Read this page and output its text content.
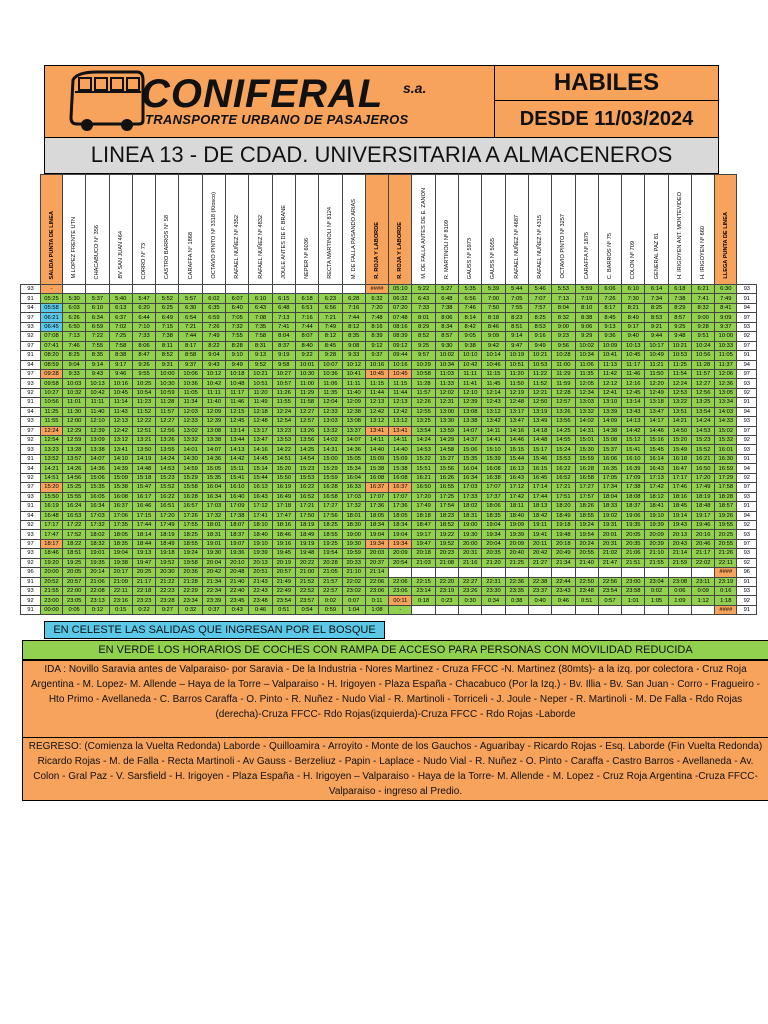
CONIFERAL s.a.
TRANSPORTE URBANO DE PASAJEROS
HABILES
DESDE 11/03/2024
LINEA 13 - DE CDAD. UNIVERSITARIA A ALMACENEROS
	SALIDA PUNTA DE LINEA	M.LOPEZ FRENTE UTN	CHACABUCO N° 356	BV SAN JUAN 464	CORRO N° 73	CASTRO BARROS N° 58	CARAFFA N° 1868	OCTAVIO PINTO Nº 3318 (Kiosco)	RAFAEL NUÑEZ Nº 4352	RAFAEL NUÑEZ Nº 4832	JOULE ANTES DE F. BRANE	NEPER Nº 6036	RECTA MARTINOLI Nº 8124	M. DE FALLA PASANDO ARIAS	R. ROJA Y LABORDE	R. ROJA Y LABORDE	M. DE FALLA ANTES DE E. ZANON	R. MARTINOLI Nº 8109	GAUSS Nº 5973	GAUSS Nº 5055	RAFAEL NUÑEZ Nº 4687	RAFAEL NUÑEZ Nº 4315	OCTAVIO PINTO Nº 3257	CARAFFA Nº 1875	C. BARROS Nº 75	COLON Nº 709	GENERAL PAZ 81	H. IRIGOYEN ANT. MONTEVIDEO	H. IRIGOYEN Nº 660	LLEGA PUNTA DE LINEA	
93	-														####	05:10	5:22	5:27	5:35	5:39	5:44	5:46	5:53	5:59	6:06	6:10	6:14	6:18	6:21	6:30	93
91	05:25	5:30	5:37	5:40	5:47	5:52	5:57	6:02	6:07	6:10	6:15	6:18	6:23	6:28	6:32	06:32	6:43	6:48	6:56	7:00	7:05	7:07	7:13	7:19	7:26	7:30	7:34	7:38	7:41	7:49	91
94	05:58	6:03	6:10	6:13	6:20	6:25	6:30	6:35	6:40	6:43	6:48	6:51	6:56	7:16	7:20	07:20	7:33	7:38	7:46	7:50	7:55	7:57	8:04	8:10	8:17	8:21	8:25	8:29	8:32	8:41	94
97	06:21	6:26	6:34	6:37	6:44	6:49	6:54	6:59	7:05	7:08	7:13	7:16	7:21	7:44	7:48	07:48	8:01	8:06	8:14	8:18	8:23	8:25	8:32	8:38	8:45	8:49	8:53	8:57	9:00	9:09	97
93	06:45	6:50	6:59	7:02	7:10	7:15	7:21	7:26	7:32	7:35	7:41	7:44	7:49	8:12	8:16	08:16	8:29	8:34	8:42	8:46	8:51	8:53	9:00	9:06	9:13	9:17	9:21	9:25	9:28	9:37	93
92	07:08	7:13	7:22	7:25	7:33	7:38	7:44	7:49	7:55	7:58	8:04	8:07	8:12	8:35	8:39	08:39	8:52	8:57	9:05	9:09	9:14	9:16	9:23	9:29	9:36	9:40	9:44	9:48	9:51	10:00	92
97	07:41	7:46	7:55	7:58	8:06	8:11	8:17	8:22	8:28	8:31	8:37	8:40	8:45	9:08	9:12	09:12	9:25	9:30	9:38	9:42	9:47	9:49	9:56	10:02	10:09	10:13	10:17	10:21	10:24	10:33	97
91	08:20	8:25	8:35	8:38	8:47	8:52	8:58	9:04	9:10	9:13	9:19	9:22	9:28	9:33	9:37	09:44	9:57	10:02	10:10	10:14	10:19	10:21	10:28	10:34	10:41	10:45	10:49	10:53	10:56	11:05	91
94	08:59	9:04	9:14	9:17	9:26	9:31	9:37	9:43	9:49	9:52	9:58	10:01	10:07	10:12	10:16	10:16	10:29	10:34	10:42	10:46	10:51	10:53	11:00	11:06	11:13	11:17	11:21	11:25	11:28	11:37	94
97	09:28	9:33	9:43	9:46	9:55	10:00	10:06	10:12	10:18	10:21	10:27	10:30	10:36	10:41	10:45	10:45	10:58	11:03	11:11	11:15	11:20	11:22	11:29	11:35	11:42	11:46	11:50	11:54	11:57	12:06	97
93	09:58	10:03	10:13	10:16	10:25	10:30	10:36	10:42	10:48	10:51	10:57	11:00	11:06	11:11	11:15	11:15	11:28	11:33	11:41	11:45	11:50	11:52	11:59	12:05	12:12	12:16	12:20	12:24	12:27	12:36	93
92	10:27	10:32	10:42	10:45	10:54	10:59	11:05	11:11	11:17	11:20	11:26	11:29	11:35	11:40	11:44	11:44	11:57	12:02	12:10	12:14	12:19	12:21	12:28	12:34	12:41	12:45	12:49	12:53	12:56	13:05	92
91	10:56	11:01	11:11	11:14	11:23	11:28	11:34	11:40	11:46	11:49	11:55	11:58	12:04	12:09	12:13	12:13	12:26	12:31	12:39	12:43	12:48	12:50	12:57	13:03	13:10	13:14	13:18	13:22	13:25	13:34	91
94	11:25	11:30	11:40	11:43	11:52	11:57	12:03	12:09	12:15	12:18	12:24	12:27	12:33	12:38	12:42	12:42	12:55	13:00	13:08	13:12	13:17	13:19	13:26	13:32	13:39	13:43	13:47	13:51	13:54	14:03	94
93	11:55	12:00	12:10	12:13	12:22	12:27	12:33	12:39	12:45	12:48	12:54	12:57	13:03	13:08	13:12	13:12	13:25	13:30	13:38	13:42	13:47	13:49	13:56	14:02	14:09	14:13	14:17	14:21	14:24	14:33	93
97	12:24	12:29	12:39	12:42	12:51	12:56	13:02	13:08	13:14	13:17	13:23	13:26	13:32	13:37	13:41	13:41	13:54	13:59	14:07	14:11	14:16	14:18	14:25	14:31	14:38	14:42	14:46	14:50	14:53	15:02	97
92	12:54	12:59	13:09	13:12	13:21	13:26	13:32	13:38	13:44	13:47	13:53	13:56	14:02	14:07	14:11	14:11	14:24	14:29	14:37	14:41	14:46	14:48	14:55	15:01	15:08	15:12	15:16	15:20	15:23	15:32	92
93	13:23	13:28	13:38	13:41	13:50	13:55	14:01	14:07	14:13	14:16	14:22	14:25	14:31	14:36	14:40	14:40	14:53	14:58	15:06	15:10	15:15	15:17	15:24	15:30	15:37	15:41	15:45	15:49	15:52	16:01	93
91	13:52	13:57	14:07	14:10	14:19	14:24	14:30	14:36	14:42	14:45	14:51	14:54	15:00	15:05	15:09	15:09	15:22	15:27	15:35	15:39	15:44	15:46	15:53	15:59	16:06	16:10	16:14	16:18	16:21	16:30	91
94	14:21	14:26	14:36	14:39	14:48	14:53	14:59	15:05	15:11	15:14	15:20	15:23	15:29	15:34	15:38	15:38	15:51	15:56	16:04	16:08	16:13	16:15	16:22	16:28	16:35	16:39	16:43	16:47	16:50	16:59	94
92	14:51	14:56	15:06	15:09	15:18	15:23	15:29	15:35	15:41	15:44	15:50	15:53	15:59	16:04	16:08	16:08	16:21	16:26	16:34	16:38	16:43	16:45	16:52	16:58	17:05	17:09	17:13	17:17	17:20	17:29	92
97	15:20	15:25	15:35	15:38	15:47	15:52	15:58	16:04	16:10	16:13	16:19	16:22	16:28	16:33	16:37	16:37	16:50	16:55	17:03	17:07	17:12	17:14	17:21	17:27	17:34	17:38	17:42	17:46	17:49	17:58	97
93	15:50	15:55	16:05	16:08	16:17	16:22	16:28	16:34	16:40	16:43	16:49	16:52	16:58	17:03	17:07	17:07	17:20	17:25	17:33	17:37	17:42	17:44	17:51	17:57	18:04	18:08	18:12	18:16	18:19	18:28	93
91	16:19	16:24	16:34	16:37	16:46	16:51	16:57	17:03	17:09	17:12	17:18	17:21	17:27	17:32	17:36	17:36	17:49	17:54	18:02	18:06	18:11	18:13	18:20	18:26	18:33	18:37	18:41	18:45	18:48	18:57	91
94	16:48	16:53	17:03	17:06	17:15	17:20	17:26	17:32	17:38	17:41	17:47	17:50	17:56	18:01	18:05	18:05	18:18	18:23	18:31	18:35	18:40	18:42	18:49	18:55	19:02	19:06	19:10	19:14	19:17	19:26	94
92	17:17	17:22	17:32	17:35	17:44	17:49	17:55	18:01	18:07	18:10	18:16	18:19	18:25	18:30	18:34	18:34	18:47	18:52	19:00	19:04	19:09	19:11	19:18	19:24	19:31	19:35	19:39	19:43	19:46	19:55	92
93	17:47	17:52	18:02	18:05	18:14	18:19	18:25	18:31	18:37	18:40	18:46	18:49	18:55	19:00	19:04	19:04	19:17	19:22	19:30	19:34	19:39	19:41	19:48	19:54	20:01	20:05	20:09	20:13	20:16	20:25	93
97	18:17	18:22	18:32	18:35	18:44	18:49	18:55	19:01	19:07	19:10	19:16	19:19	19:25	19:30	19:34	19:34	19:47	19:52	20:00	20:04	20:09	20:11	20:18	20:24	20:31	20:35	20:39	20:43	20:46	20:55	97
93	18:46	18:51	19:01	19:04	19:13	19:18	19:24	19:30	19:36	19:39	19:45	19:48	19:54	19:59	20:03	20:09	20:18	20:23	20:31	20:35	20:40	20:42	20:49	20:55	21:02	21:06	21:10	21:14	21:17	21:26	93
92	19:20	19:25	19:35	19:38	19:47	19:52	19:58	20:04	20:10	20:13	20:19	20:22	20:28	20:33	20:37	20:54	21:03	21:08	21:16	21:20	21:25	21:27	21:34	21:40	21:47	21:51	21:55	21:59	22:02	22:11	92
96	20:00	20:05	20:14	20:17	20:25	20:30	20:36	20:42	20:48	20:51	20:57	21:00	21:05	21:10	21:14															####	96
91	20:52	20:57	21:06	21:09	21:17	21:22	21:28	21:34	21:40	21:43	21:49	21:52	21:57	22:02	22:06	22:06	22:15	22:20	22:27	22:31	22:36	22:38	22:44	22:50	22:56	23:00	23:04	23:08	23:11	23:19	91
93	21:55	22:00	22:08	22:11	22:18	22:23	22:29	22:34	22:40	22:43	22:49	22:52	22:57	23:02	23:06	23:06	23:14	23:19	23:26	23:30	23:35	23:37	23:43	23:48	23:54	23:58	0:02	0:06	0:09	0:16	93
92	23:00	23:05	23:13	23:16	23:23	23:28	23:34	23:39	23:45	23:48	23:54	23:57	0:02	0:07	0:11	00:11	0:18	0:23	0:30	0:34	0:38	0:40	0:46	0:51	0:57	1:01	1:05	1:09	1:12	1:18	92
91	00:00	0:05	0:12	0:15	0:22	0:27	0:32	0:37	0:43	0:46	0:51	0:54	0:59	1:04	1:08	-														####	91
EN CELESTE LAS SALIDAS QUE INGRESAN POR EL BOSQUE
EN VERDE LOS HORARIOS DE COCHES CON RAMPA DE ACCESO PARA PERSONAS CON MOVILIDAD REDUCIDA
IDA : Novillo Saravia antes de Valparaiso- por Saravia - De la Industria - Nores Martinez - Cruza FFCC -N. Martinez (80mts)- a la izq. por colectora - Cruz Roja Argentina - M. Lopez- M. Allende – Haya de la Torre – Valparaiso - H. Irigoyen - Plaza España - Chacabuco (Por la Izq.) - Bv. Illia - Bv. San Juan - Corro - Fragueiro - Hto Primo - Avellaneda - C. Barros Caraffa - O. Pinto - R. Nuñez - Nudo Vial - R. Martinoli - Torriceli - J. Joule - Neper - R. Martinoli - M. De Falla - Rdo Rojas (derecha)-Cruza FFCC- Rdo Rojas(izquierda)-Cruza FFCC - Rdo Rojas -Laborde
REGRESO: (Comienza la Vuelta Redonda) Laborde - Quilloamira - Arroyito - Monte de los Gauchos - Aguaribay - Ricardo Rojas - Esq. Laborde (Fin Vuelta Redonda) Ricardo Rojas - M. de Falla - Recta Martinoli - Av Gauss - Berzeliuz - Papin - Laplace - Nudo Vial - R. Nuñez - O. Pinto - Caraffa - Castro Barros - Avellaneda - Av. Colon - Gral Paz - V. Sarsfield - H. Irigoyen - Plaza España - H. Irigoyen – Valparaiso - Haya de la Torre- M. Allende - M. Lopez - Cruz Roja Argentina -Cruza FFCC- Valparaiso - ingreso al Predio.
